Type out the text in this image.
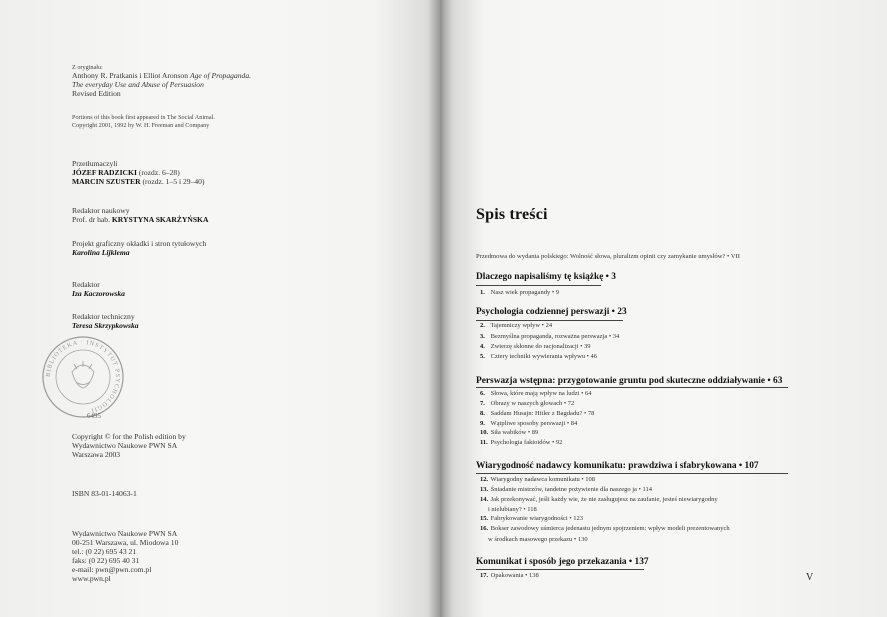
Z oryginału:
Anthony R. Pratkanis i Elliot Aronson Age of Propaganda.
The everyday Use and Abuse of Persuasion
Revised Edition
Portions of this book first appeared in The Social Animal.
Copyright 2001, 1992 by W. H. Freeman and Company
Przetłumaczyli
JÓZEF RADZICKI (rozdz. 6–28)
MARCIN SZUSTER (rozdz. 1–5 i 29–40)
Redaktor naukowy
Prof. dr hab. KRYSTYNA SKARŻYŃSKA
Projekt graficzny okładki i stron tytułowych
Karolina Lijklema
Redaktor
Iza Kaczorowska
Redaktor techniczny
Teresa Skrzypkowska
BIBLIOTEKA · INSTYTUT PSYCHOLOGII
6495
Copyright © for the Polish edition by
Wydawnictwo Naukowe PWN SA
Warszawa 2003
ISBN 83-01-14063-1
Wydawnictwo Naukowe PWN SA
00-251 Warszawa, ul. Miodowa 10
tel.: (0 22) 695 43 21
faks: (0 22) 695 40 31
e-mail: pwn@pwn.com.pl
www.pwn.pl
Spis treści
Przedmowa do wydania polskiego: Wolność słowa, pluralizm opinii czy zamykanie umysłów? • VII
Dlaczego napisaliśmy tę książkę • 3
1. Nasz wiek propagandy • 9
Psychologia codziennej perswazji • 23
2. Tajemniczy wpływ • 24
3. Bezmyślna propaganda, rozważna perswazja • 34
4. Zwierzę skłonne do racjonalizacji • 39
5. Cztery techniki wywierania wpływu • 46
Perswazja wstępna: przygotowanie gruntu pod skuteczne oddziaływanie • 63
6. Słowa, które mają wpływ na ludzi • 64
7. Obrazy w naszych głowach • 72
8. Saddam Husajn: Hitler z Bagdadu? • 78
9. Wątpliwe sposoby perswazji • 84
10. Siła wabików • 89
11. Psychologia faktoidów • 92
Wiarygodność nadawcy komunikatu: prawdziwa i sfabrykowana • 107
12. Wiarygodny nadawca komunikatu • 108
13. Śniadanie mistrzów, tandetne pożywienie dla naszego ja • 114
14. Jak przekonywać, jeśli każdy wie, że nie zasługujesz na zaufanie, jesteś niewiarygodny
i nielubiany? • 118
15. Fabrykowanie wiarygodności • 123
16. Bokser zawodowy uśmiercа jedenastu jednym spojrzeniem: wpływ modeli prezentowanych
w środkach masowego przekazu • 130
Komunikat i sposób jego przekazania • 137
17. Opakowania • 138	V
